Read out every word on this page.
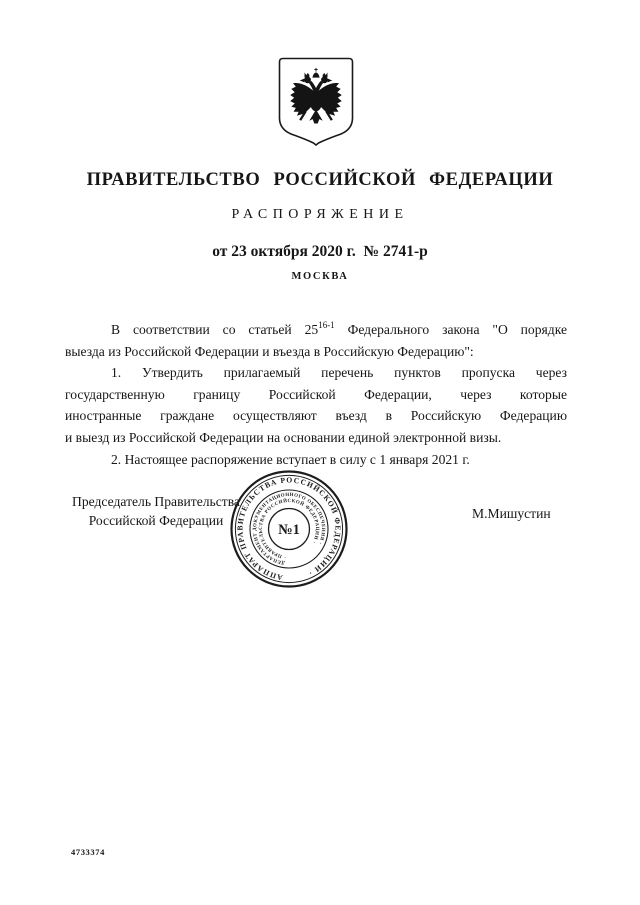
ПРАВИТЕЛЬСТВО РОССИЙСКОЙ ФЕДЕРАЦИИ
РАСПОРЯЖЕНИЕ
от 23 октября 2020 г.  № 2741-р
МОСКВА
В соответствии со статьей 25$^{16-1}$ Федерального закона "О порядке
выезда из Российской Федерации и въезда в Российскую Федерацию":
1. Утвердить прилагаемый перечень пунктов пропуска через
государственную границу Российской Федерации, через которые
иностранные граждане осуществляют въезд в Российскую Федерацию
и выезд из Российской Федерации на основании единой электронной визы.
2. Настоящее распоряжение вступает в силу с 1 января 2021 г.
Председатель Правительства
Российской Федерации	М.Мишустин
АППАРАТ ПРАВИТЕЛЬСТВА РОССИЙСКОЙ ФЕДЕРАЦИИ ·
ДЕПАРТАМЕНТ ДОКУМЕНТАЦИОННОГО ОБЕСПЕЧЕНИЯ ·
· ПРАВИТЕЛЬСТВА РОССИЙСКОЙ ФЕДЕРАЦИИ ·
№1
4733374
